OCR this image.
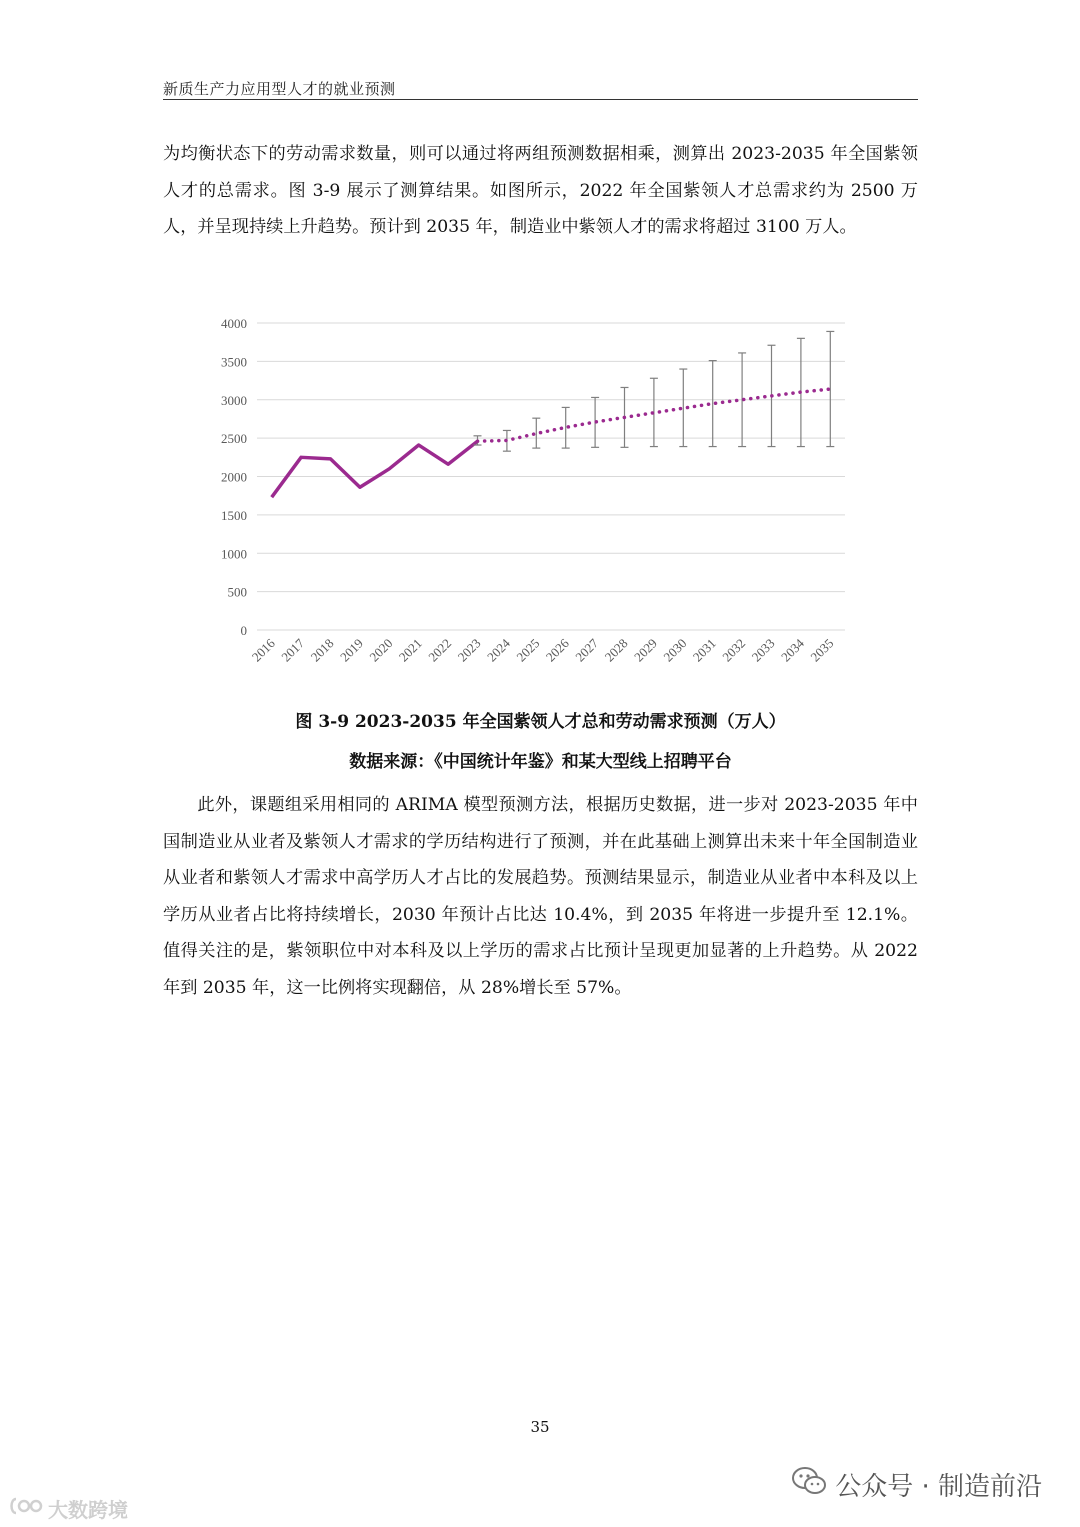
新质生产力应用型人才的就业预测
为均衡状态下的劳动需求数量，则可以通过将两组预测数据相乘，测算出 2023-2035 年全国紫领人才的总需求。图 3-9 展示了测算结果。如图所示，2022 年全国紫领人才总需求约为 2500 万人，并呈现持续上升趋势。预计到 2035 年，制造业中紫领人才的需求将超过 3100 万人。
0
500
1000
1500
2000
2500
3000
3500
4000
2016 2017 2018 2019 2020 2021 2022 2023 2024 2025 2026 2027 2028 2029 2030 2031 2032 2033 2034 2035
图 3-9 2023-2035 年全国紫领人才总和劳动需求预测（万人）
数据来源：《中国统计年鉴》和某大型线上招聘平台
此外，课题组采用相同的 ARIMA 模型预测方法，根据历史数据，进一步对 2023-2035 年中国制造业从业者及紫领人才需求的学历结构进行了预测，并在此基础上测算出未来十年全国制造业从业者和紫领人才需求中高学历人才占比的发展趋势。预测结果显示，制造业从业者中本科及以上学历从业者占比将持续增长，2030 年预计占比达 10.4%，到 2035 年将进一步提升至 12.1%。值得关注的是，紫领职位中对本科及以上学历的需求占比预计呈现更加显著的上升趋势。从 2022 年到 2035 年，这一比例将实现翻倍，从 28%增长至 57%。
35
公众号 · 制造前沿
大数跨境
